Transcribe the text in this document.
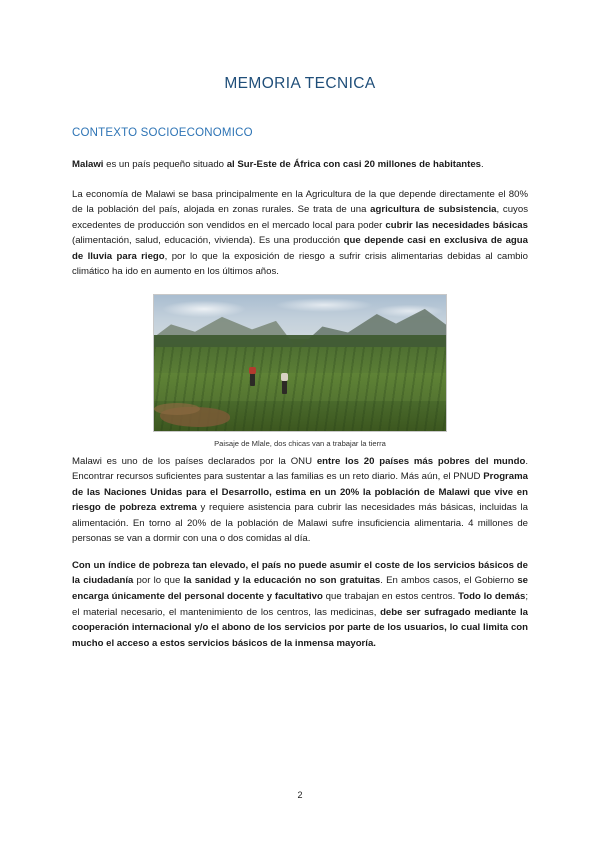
MEMORIA TECNICA
CONTEXTO SOCIOECONOMICO

Malawi es un país pequeño situado al Sur-Este de África con casi 20 millones de habitantes.

La economía de Malawi se basa principalmente en la Agricultura de la que depende directamente el 80% de la población del país, alojada en zonas rurales. Se trata de una agricultura de subsistencia, cuyos excedentes de producción son vendidos en el mercado local para poder cubrir las necesidades básicas (alimentación, salud, educación, vivienda). Es una producción que depende casi en exclusiva de agua de lluvia para riego, por lo que la exposición de riesgo a sufrir crisis alimentarias debidas al cambio climático ha ido en aumento en los últimos años.

Paisaje de Mlale, dos chicas van a trabajar la tierra

Malawi es uno de los países declarados por la ONU entre los 20 países más pobres del mundo. Encontrar recursos suficientes para sustentar a las familias es un reto diario. Más aún, el PNUD Programa de las Naciones Unidas para el Desarrollo, estima en un 20% la población de Malawi que vive en riesgo de pobreza extrema y requiere asistencia para cubrir las necesidades más básicas, incluidas la alimentación. En torno al 20% de la población de Malawi sufre insuficiencia alimentaria. 4 millones de personas se van a dormir con una o dos comidas al día.

Con un índice de pobreza tan elevado, el país no puede asumir el coste de los servicios básicos de la ciudadanía por lo que la sanidad y la educación no son gratuitas. En ambos casos, el Gobierno se encarga únicamente del personal docente y facultativo que trabajan en estos centros. Todo lo demás; el material necesario, el mantenimiento de los centros, las medicinas, debe ser sufragado mediante la cooperación internacional y/o el abono de los servicios por parte de los usuarios, lo cual limita con mucho el acceso a estos servicios básicos de la inmensa mayoría.

2
